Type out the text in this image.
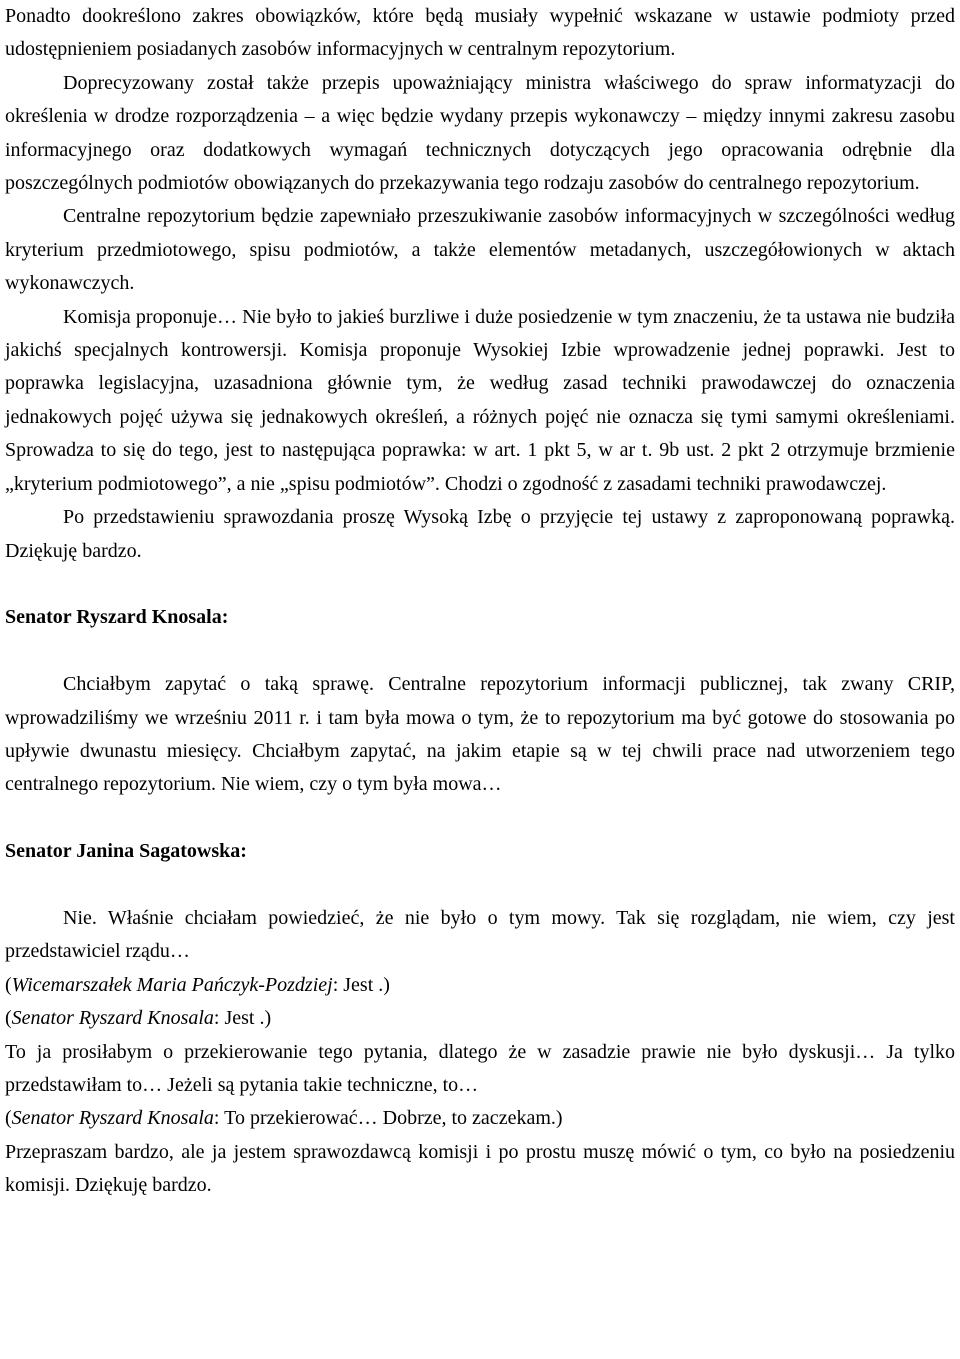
Ponadto dookreślono zakres obowiązków, które będą musiały wypełnić wskazane w ustawie podmioty przed udostępnieniem posiadanych zasobów informacyjnych w centralnym repozytorium.

Doprecyzowany został także przepis upoważniający ministra właściwego do spraw informatyzacji do określenia w drodze rozporządzenia – a więc będzie wydany przepis wykonawczy – między innymi zakresu zasobu informacyjnego oraz dodatkowych wymagań technicznych dotyczących jego opracowania odrębnie dla poszczególnych podmiotów obowiązanych do przekazywania tego rodzaju zasobów do centralnego repozytorium.

Centralne repozytorium będzie zapewniało przeszukiwanie zasobów informacyjnych w szczególności według kryterium przedmiotowego, spisu podmiotów, a także elementów metadanych, uszczegółowionych w aktach wykonawczych.

Komisja proponuje… Nie było to jakieś burzliwe i duże posiedzenie w tym znaczeniu, że ta ustawa nie budziła jakichś specjalnych kontrowersji. Komisja proponuje Wysokiej Izbie wprowadzenie jednej poprawki. Jest to poprawka legislacyjna, uzasadniona głównie tym, że według zasad techniki prawodawczej do oznaczenia jednakowych pojęć używa się jednakowych określeń, a różnych pojęć nie oznacza się tymi samymi określeniami. Sprowadza to się do tego, jest to następująca poprawka: w art. 1 pkt 5, w ar t. 9b ust. 2 pkt 2 otrzymuje brzmienie „kryterium podmiotowego”, a nie „spisu podmiotów”. Chodzi o zgodność z zasadami techniki prawodawczej.

Po przedstawieniu sprawozdania proszę Wysoką Izbę o przyjęcie tej ustawy z zaproponowaną poprawką. Dziękuję bardzo.

Senator Ryszard Knosala:

Chciałbym zapytać o taką sprawę. Centralne repozytorium informacji publicznej, tak zwany CRIP, wprowadziliśmy we wrześniu 2011 r. i tam była mowa o tym, że to repozytorium ma być gotowe do stosowania po upływie dwunastu miesięcy. Chciałbym zapytać, na jakim etapie są w tej chwili prace nad utworzeniem tego centralnego repozytorium. Nie wiem, czy o tym była mowa…

Senator Janina Sagatowska:

Nie. Właśnie chciałam powiedzieć, że nie było o tym mowy. Tak się rozglądam, nie wiem, czy jest przedstawiciel rządu…

(Wicemarszałek Maria Pańczyk-Pozdziej: Jest .)

(Senator Ryszard Knosala: Jest .)

To ja prosiłabym o przekierowanie tego pytania, dlatego że w zasadzie prawie nie było dyskusji… Ja tylko przedstawiłam to… Jeżeli są pytania takie techniczne, to…

(Senator Ryszard Knosala: To przekierować… Dobrze, to zaczekam.)

Przepraszam bardzo, ale ja jestem sprawozdawcą komisji i po prostu muszę mówić o tym, co było na posiedzeniu komisji. Dziękuję bardzo.
